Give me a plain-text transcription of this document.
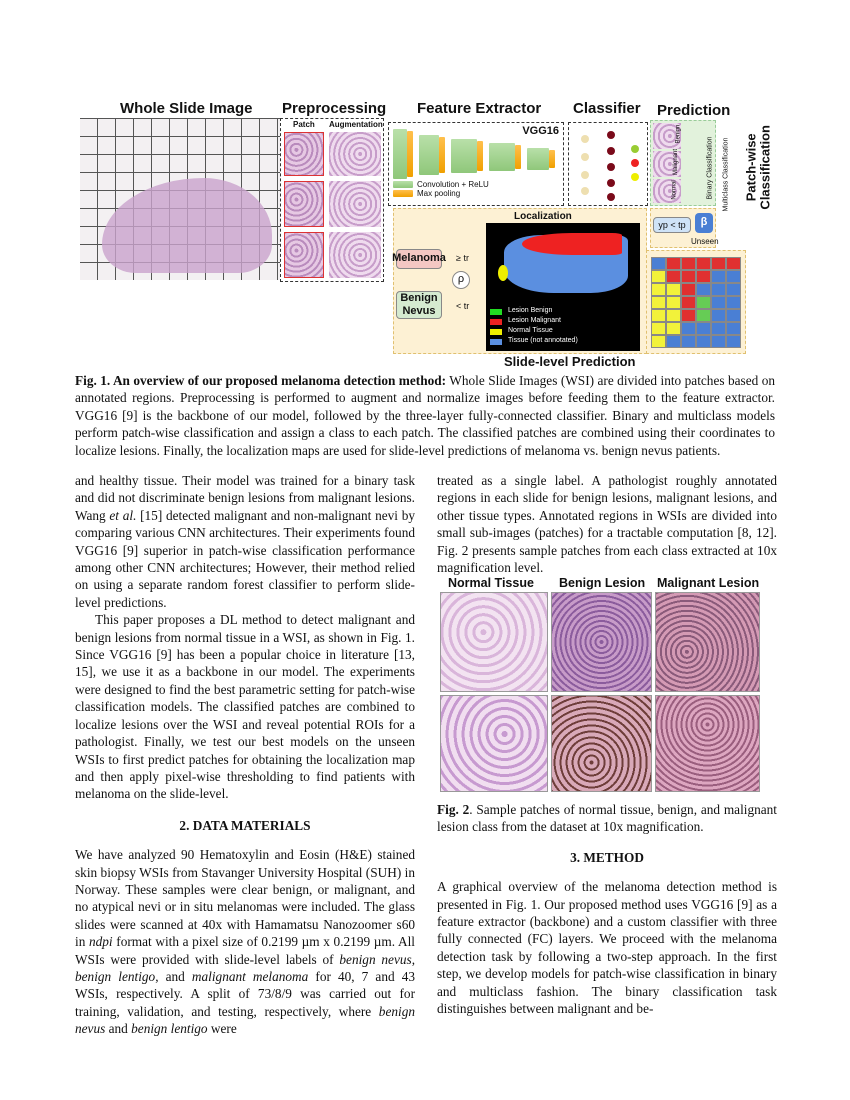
Whole Slide Image Preprocessing Feature Extractor Classifier Prediction
Patch Augmentation
VGG16
Convolution + ReLU
Max pooling	Binary Classification Multiclass Classification
Normal
Malignant
Benign	Patch-wise Classification
yp < tp	β
Unseen
Localization
Lesion Benign
Lesion Malignant
Normal Tissue
Tissue (not annotated)
Melanoma
Benign Nevus
ρ
≥ tr
< tr
Slide-level Prediction
Fig. 1. An overview of our proposed melanoma detection method: Whole Slide Images (WSI) are divided into patches based on annotated regions. Preprocessing is performed to augment and normalize images before feeding them to the feature extractor. VGG16 [9] is the backbone of our model, followed by the three-layer fully-connected classifier. Binary and multiclass models perform patch-wise classification and assign a class to each patch. The classified patches are combined using their coordinates to localize lesions. Finally, the localization maps are used for slide-level predictions of melanoma vs. benign nevus patients.

and healthy tissue. Their model was trained for a binary task and did not discriminate benign lesions from malignant lesions. Wang et al. [15] detected malignant and non-malignant nevi by comparing various CNN architectures. Their experiments found VGG16 [9] superior in patch-wise classification performance among other CNN architectures; However, their method relied on using a separate random forest classifier to perform slide-level predictions.

This paper proposes a DL method to detect malignant and benign lesions from normal tissue in a WSI, as shown in Fig. 1. Since VGG16 [9] has been a popular choice in literature [13, 15], we use it as a backbone in our model. The experiments were designed to find the best parametric setting for patch-wise classification models. The classified patches are combined to localize lesions over the WSI and reveal potential ROIs for a pathologist. Finally, we test our best models on the unseen WSIs to first predict patches for obtaining the localization map and then apply pixel-wise thresholding to find patients with melanoma on the slide-level.

2. DATA MATERIALS

We have analyzed 90 Hematoxylin and Eosin (H&E) stained skin biopsy WSIs from Stavanger University Hospital (SUH) in Norway. These samples were clear benign, or malignant, and no atypical nevi or in situ melanomas were included. The glass slides were scanned at 40x with Hamamatsu Nanozoomer s60 in ndpi format with a pixel size of 0.2199 µm x 0.2199 µm. All WSIs were provided with slide-level labels of benign nevus, benign lentigo, and malignant melanoma for 40, 7 and 43 WSIs, respectively. A split of 73/8/9 was carried out for training, validation, and testing, respectively, where benign nevus and benign lentigo were

treated as a single label. A pathologist roughly annotated regions in each slide for benign lesions, malignant lesions, and other tissue types. Annotated regions in WSIs are divided into small sub-images (patches) for a tractable computation [8, 12]. Fig. 2 presents sample patches from each class extracted at 10x magnification level.

Normal Tissue Benign Lesion Malignant Lesion

Fig. 2. Sample patches of normal tissue, benign, and malignant lesion class from the dataset at 10x magnification.

3. METHOD

A graphical overview of the melanoma detection method is presented in Fig. 1. Our proposed method uses VGG16 [9] as a feature extractor (backbone) and a custom classifier with three fully connected (FC) layers. We proceed with the melanoma detection task by following a two-step approach. In the first step, we develop models for patch-wise classification in binary and multiclass fashion. The binary classification task distinguishes between malignant and be-
